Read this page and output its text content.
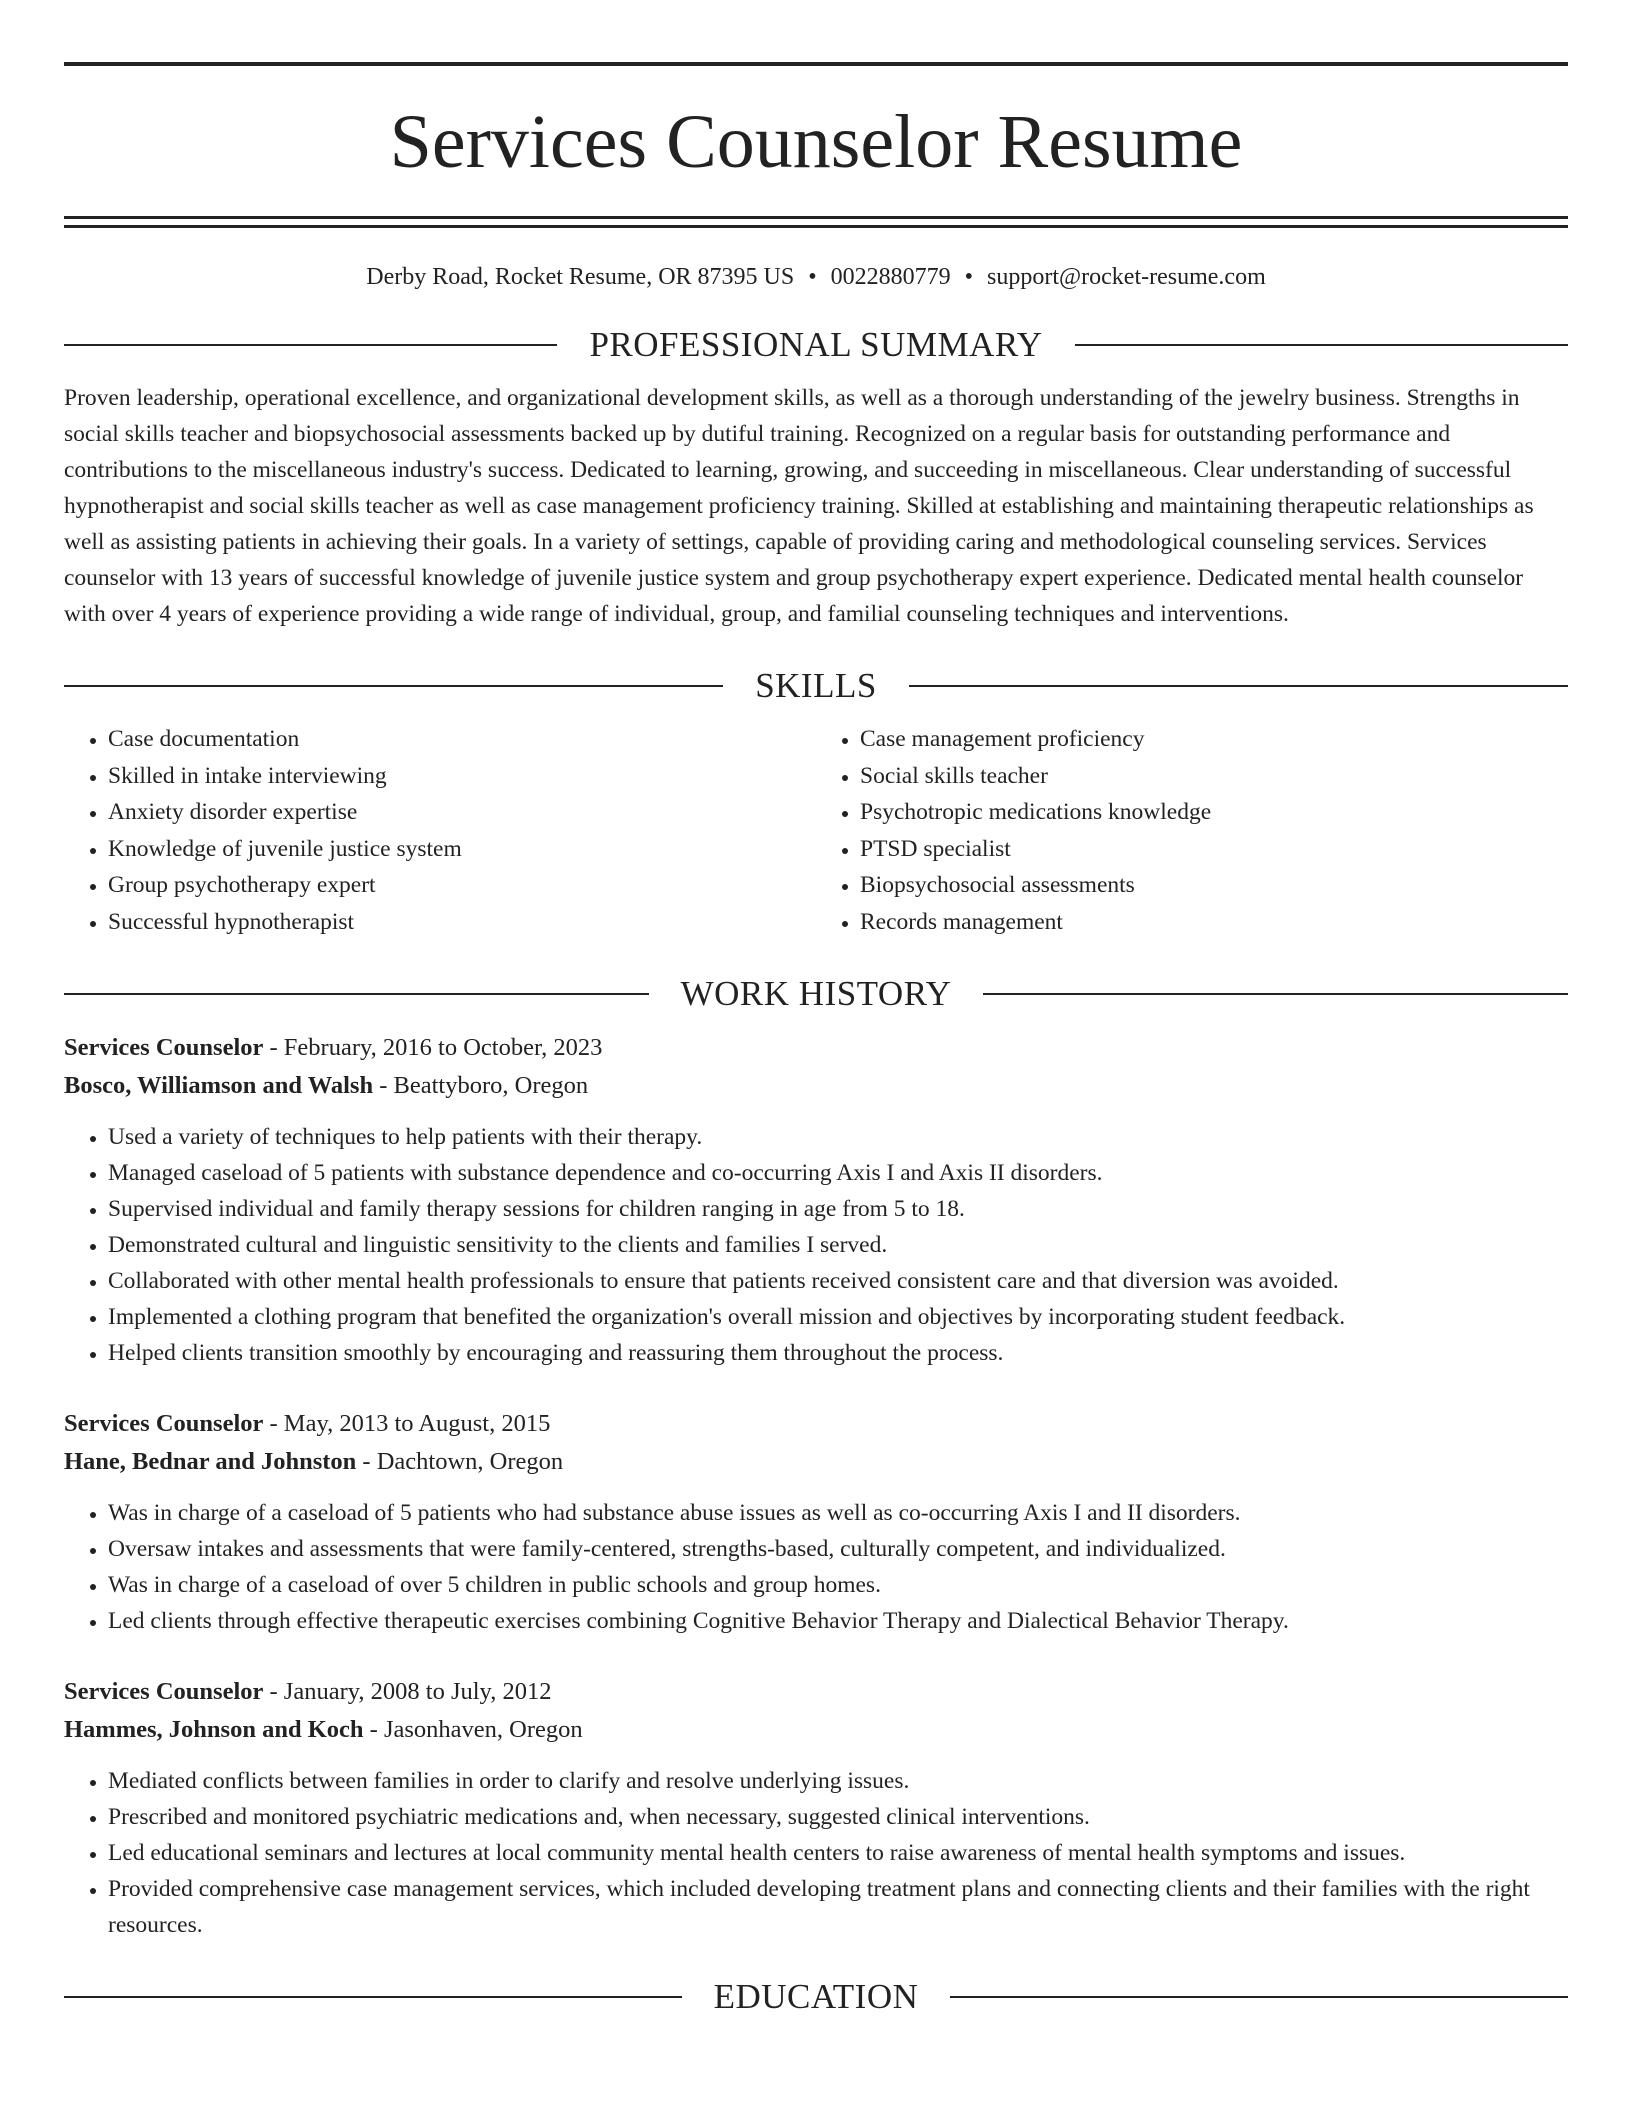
Services Counselor Resume
Derby Road, Rocket Resume, OR 87395 US • 0022880779 • support@rocket-resume.com
PROFESSIONAL SUMMARY

Proven leadership, operational excellence, and organizational development skills, as well as a thorough understanding of the jewelry business. Strengths in social skills teacher and biopsychosocial assessments backed up by dutiful training. Recognized on a regular basis for outstanding performance and contributions to the miscellaneous industry's success. Dedicated to learning, growing, and succeeding in miscellaneous. Clear understanding of successful hypnotherapist and social skills teacher as well as case management proficiency training. Skilled at establishing and maintaining therapeutic relationships as well as assisting patients in achieving their goals. In a variety of settings, capable of providing caring and methodological counseling services. Services counselor with 13 years of successful knowledge of juvenile justice system and group psychotherapy expert experience. Dedicated mental health counselor with over 4 years of experience providing a wide range of individual, group, and familial counseling techniques and interventions.

SKILLS
• Case documentation
• Skilled in intake interviewing
• Anxiety disorder expertise
• Knowledge of juvenile justice system
• Group psychotherapy expert
• Successful hypnotherapist
• Case management proficiency
• Social skills teacher
• Psychotropic medications knowledge
• PTSD specialist
• Biopsychosocial assessments
• Records management
WORK HISTORY
Services Counselor - February, 2016 to October, 2023
Bosco, Williamson and Walsh - Beattyboro, Oregon
• Used a variety of techniques to help patients with their therapy.
• Managed caseload of 5 patients with substance dependence and co-occurring Axis I and Axis II disorders.
• Supervised individual and family therapy sessions for children ranging in age from 5 to 18.
• Demonstrated cultural and linguistic sensitivity to the clients and families I served.
• Collaborated with other mental health professionals to ensure that patients received consistent care and that diversion was avoided.
• Implemented a clothing program that benefited the organization's overall mission and objectives by incorporating student feedback.
• Helped clients transition smoothly by encouraging and reassuring them throughout the process.
Services Counselor - May, 2013 to August, 2015
Hane, Bednar and Johnston - Dachtown, Oregon
• Was in charge of a caseload of 5 patients who had substance abuse issues as well as co-occurring Axis I and II disorders.
• Oversaw intakes and assessments that were family-centered, strengths-based, culturally competent, and individualized.
• Was in charge of a caseload of over 5 children in public schools and group homes.
• Led clients through effective therapeutic exercises combining Cognitive Behavior Therapy and Dialectical Behavior Therapy.
Services Counselor - January, 2008 to July, 2012
Hammes, Johnson and Koch - Jasonhaven, Oregon
• Mediated conflicts between families in order to clarify and resolve underlying issues.
• Prescribed and monitored psychiatric medications and, when necessary, suggested clinical interventions.
• Led educational seminars and lectures at local community mental health centers to raise awareness of mental health symptoms and issues.
• Provided comprehensive case management services, which included developing treatment plans and connecting clients and their families with the right resources.
EDUCATION
